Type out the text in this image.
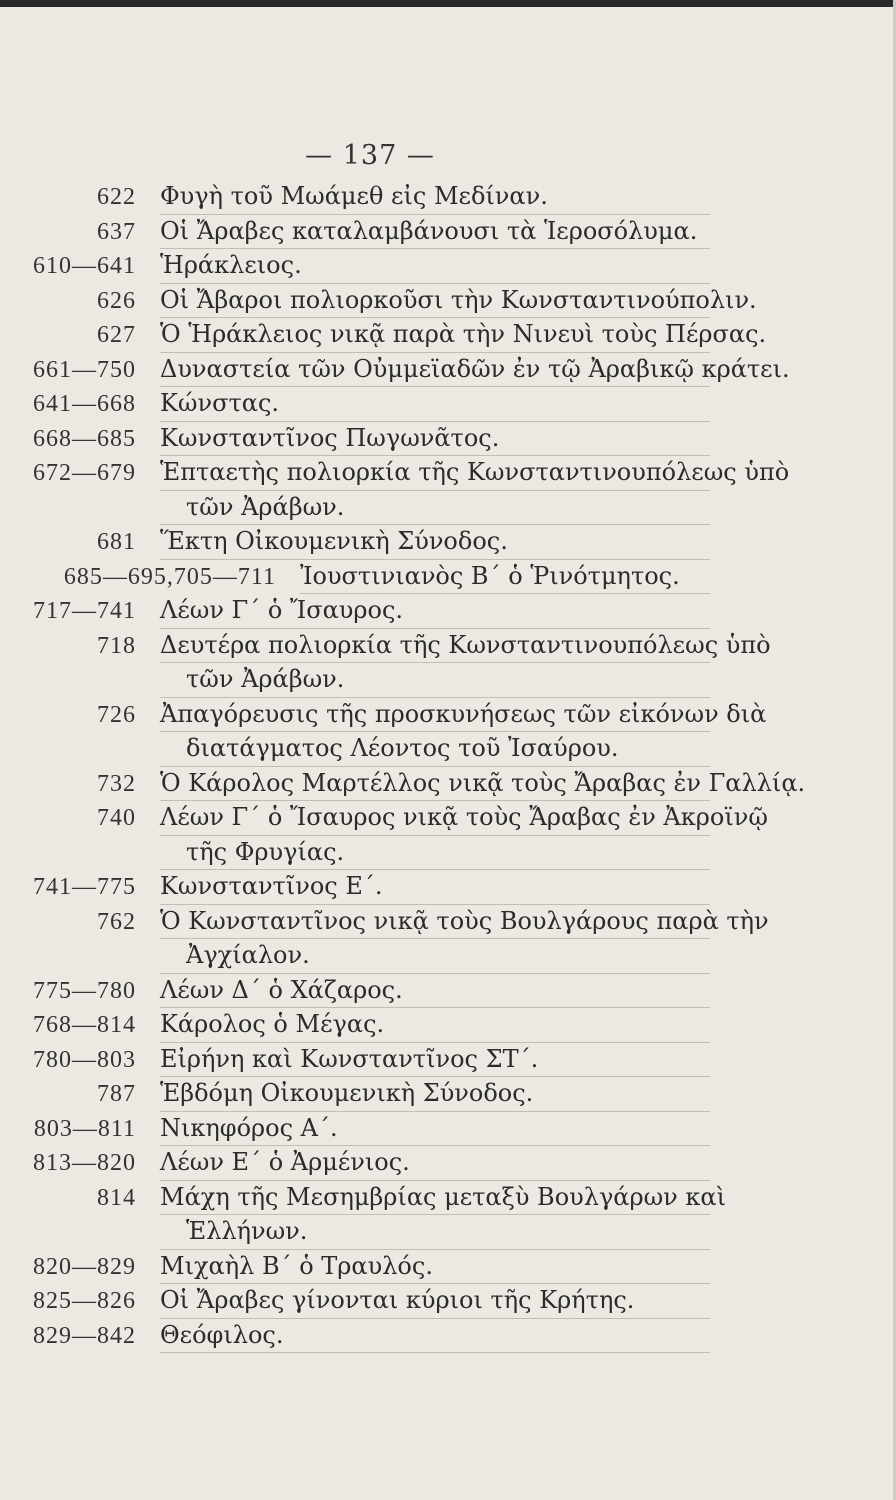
— 137 —
622	Φυγὴ τοῦ Μωάμεθ εἰς Μεδίναν.
637	Οἱ Ἄραβες καταλαμβάνουσι τὰ Ἱεροσόλυμα.
610—641	Ἡράκλειος.
626	Οἱ Ἄβαροι πολιορκοῦσι τὴν Κωνσταντινούπολιν.
627	Ὁ Ἡράκλειος νικᾷ παρὰ τὴν Νινευὶ τοὺς Πέρσας.
661—750	Δυναστεία τῶν Οὐμμεϊαδῶν ἐν τῷ Ἀραβικῷ κράτει.
641—668	Κώνστας.
668—685	Κωνσταντῖνος Πωγωνᾶτος.
672—679	Ἑπταετὴς πολιορκία τῆς Κωνσταντινουπόλεως ὑπὸ
τῶν Ἀράβων.
681	Ἕκτη Οἰκουμενικὴ Σύνοδος.
685—695,705—711	Ἰουστινιανὸς Β΄ ὁ Ῥινότμητος.
717—741	Λέων Γ΄ ὁ Ἴσαυρος.
718	Δευτέρα πολιορκία τῆς Κωνσταντινουπόλεως ὑπὸ
τῶν Ἀράβων.
726	Ἀπαγόρευσις τῆς προσκυνήσεως τῶν εἰκόνων διὰ
διατάγματος Λέοντος τοῦ Ἰσαύρου.
732	Ὁ Κάρολος Μαρτέλλος νικᾷ τοὺς Ἄραβας ἐν Γαλλίᾳ.
740	Λέων Γ΄ ὁ Ἴσαυρος νικᾷ τοὺς Ἄραβας ἐν Ἀκροϊνῷ
τῆς Φρυγίας.
741—775	Κωνσταντῖνος Ε΄.
762	Ὁ Κωνσταντῖνος νικᾷ τοὺς Βουλγάρους παρὰ τὴν
Ἀγχίαλον.
775—780	Λέων Δ΄ ὁ Χάζαρος.
768—814	Κάρολος ὁ Μέγας.
780—803	Εἰρήνη καὶ Κωνσταντῖνος ΣΤ΄.
787	Ἑβδόμη Οἰκουμενικὴ Σύνοδος.
803—811	Νικηφόρος Α΄.
813—820	Λέων Ε΄ ὁ Ἀρμένιος.
814	Μάχη τῆς Μεσημβρίας μεταξὺ Βουλγάρων καὶ
Ἑλλήνων.
820—829	Μιχαὴλ Β΄ ὁ Τραυλός.
825—826	Οἱ Ἄραβες γίνονται κύριοι τῆς Κρήτης.
829—842	Θεόφιλος.
